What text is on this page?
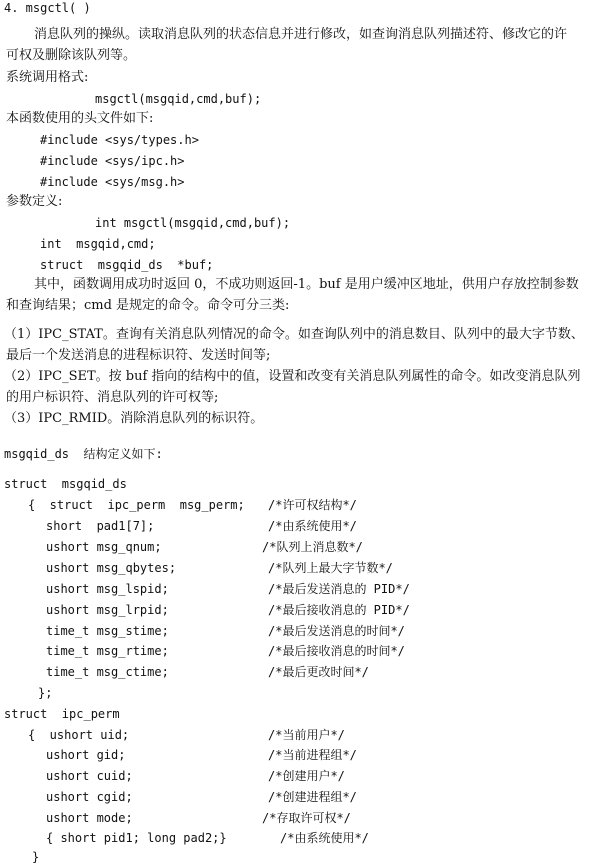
4. msgctl( )
消息队列的操纵。读取消息队列的状态信息并进行修改，如查询消息队列描述符、修改它的许
可权及删除该队列等。
系统调用格式:
msgctl(msgqid,cmd,buf);
本函数使用的头文件如下:
#include <sys/types.h>
#include <sys/ipc.h>
#include <sys/msg.h>
参数定义:
int msgctl(msgqid,cmd,buf);
int  msgqid,cmd;
struct  msgqid_ds  *buf;
其中，函数调用成功时返回 0，不成功则返回-1。buf 是用户缓冲区地址，供用户存放控制参数
和查询结果；cmd 是规定的命令。命令可分三类:
（1）IPC_STAT。查询有关消息队列情况的命令。如查询队列中的消息数目、队列中的最大字节数、
最后一个发送消息的进程标识符、发送时间等;
（2）IPC_SET。按 buf 指向的结构中的值，设置和改变有关消息队列属性的命令。如改变消息队列
的用户标识符、消息队列的许可权等;
（3）IPC_RMID。消除消息队列的标识符。
msgqid_ds  结构定义如下:
struct  msgqid_ds
{  struct  ipc_perm  msg_perm; /*许可权结构*/
short  pad1[7];	/*由系统使用*/
ushort msg_qnum;	/*队列上消息数*/
ushort msg_qbytes;	/*队列上最大字节数*/
ushort msg_lspid;	/*最后发送消息的 PID*/
ushort msg_lrpid;	/*最后接收消息的 PID*/
time_t msg_stime;	/*最后发送消息的时间*/
time_t msg_rtime;	/*最后接收消息的时间*/
time_t msg_ctime;	/*最后更改时间*/
};
struct  ipc_perm
{  ushort uid;	/*当前用户*/
ushort gid;	/*当前进程组*/
ushort cuid;	/*创建用户*/
ushort cgid;	/*创建进程组*/
ushort mode;	/*存取许可权*/
{ short pid1; long pad2;}	/*由系统使用*/
}
